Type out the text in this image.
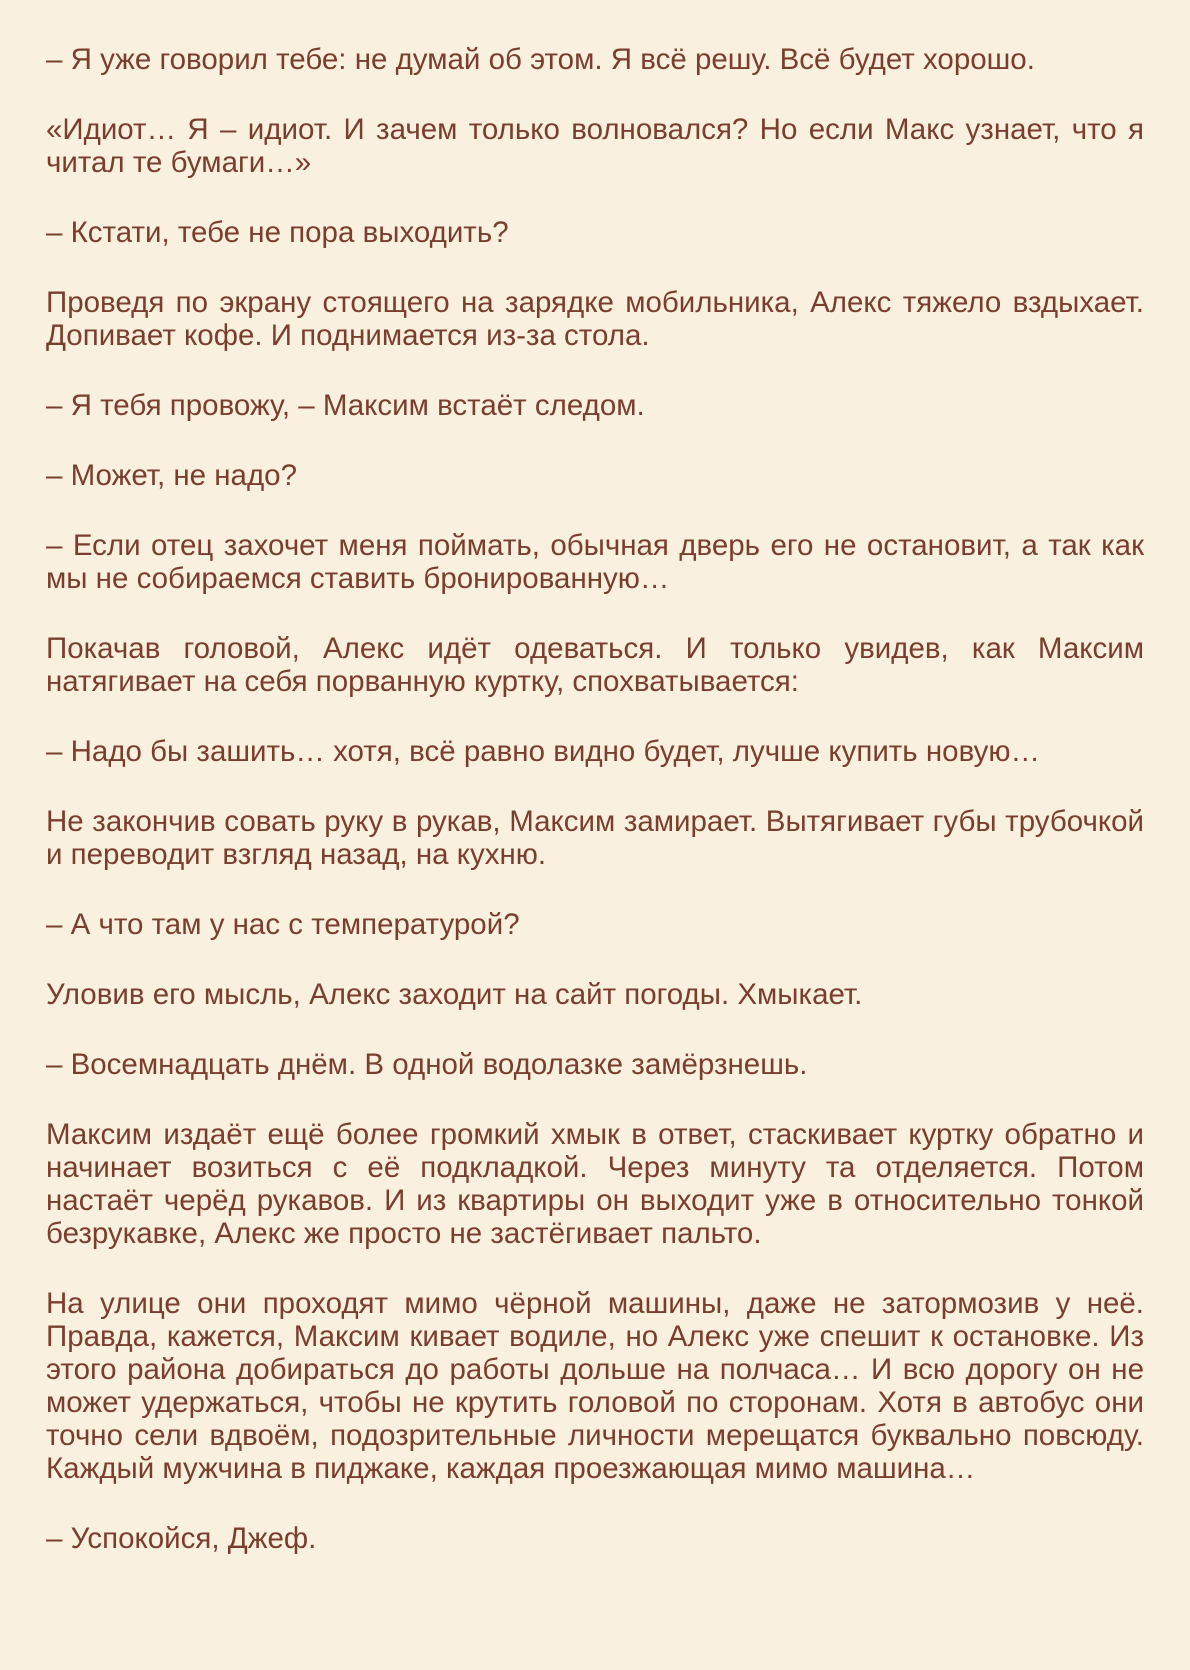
– Я уже говорил тебе: не думай об этом. Я всё решу. Всё будет хорошо.

«Идиот… Я – идиот. И зачем только волновался? Но если Макс узнает, что я читал те бумаги…»

– Кстати, тебе не пора выходить?

Проведя по экрану стоящего на зарядке мобильника, Алекс тяжело вздыхает. Допивает кофе. И поднимается из-за стола.

– Я тебя провожу, – Максим встаёт следом.

– Может, не надо?

– Если отец захочет меня поймать, обычная дверь его не остановит, а так как мы не собираемся ставить бронированную…

Покачав головой, Алекс идёт одеваться. И только увидев, как Максим натягивает на себя порванную куртку, спохватывается:

– Надо бы зашить… хотя, всё равно видно будет, лучше купить новую…

Не закончив совать руку в рукав, Максим замирает. Вытягивает губы трубочкой и переводит взгляд назад, на кухню.

– А что там у нас с температурой?

Уловив его мысль, Алекс заходит на сайт погоды. Хмыкает.

– Восемнадцать днём. В одной водолазке замёрзнешь.

Максим издаёт ещё более громкий хмык в ответ, стаскивает куртку обратно и начинает возиться с её подкладкой. Через минуту та отделяется. Потом настаёт черёд рукавов. И из квартиры он выходит уже в относительно тонкой безрукавке, Алекс же просто не застёгивает пальто.

На улице они проходят мимо чёрной машины, даже не затормозив у неё. Правда, кажется, Максим кивает водиле, но Алекс уже спешит к остановке. Из этого района добираться до работы дольше на полчаса… И всю дорогу он не может удержаться, чтобы не крутить головой по сторонам. Хотя в автобус они точно сели вдвоём, подозрительные личности мерещатся буквально повсюду. Каждый мужчина в пиджаке, каждая проезжающая мимо машина…

– Успокойся, Джеф.
